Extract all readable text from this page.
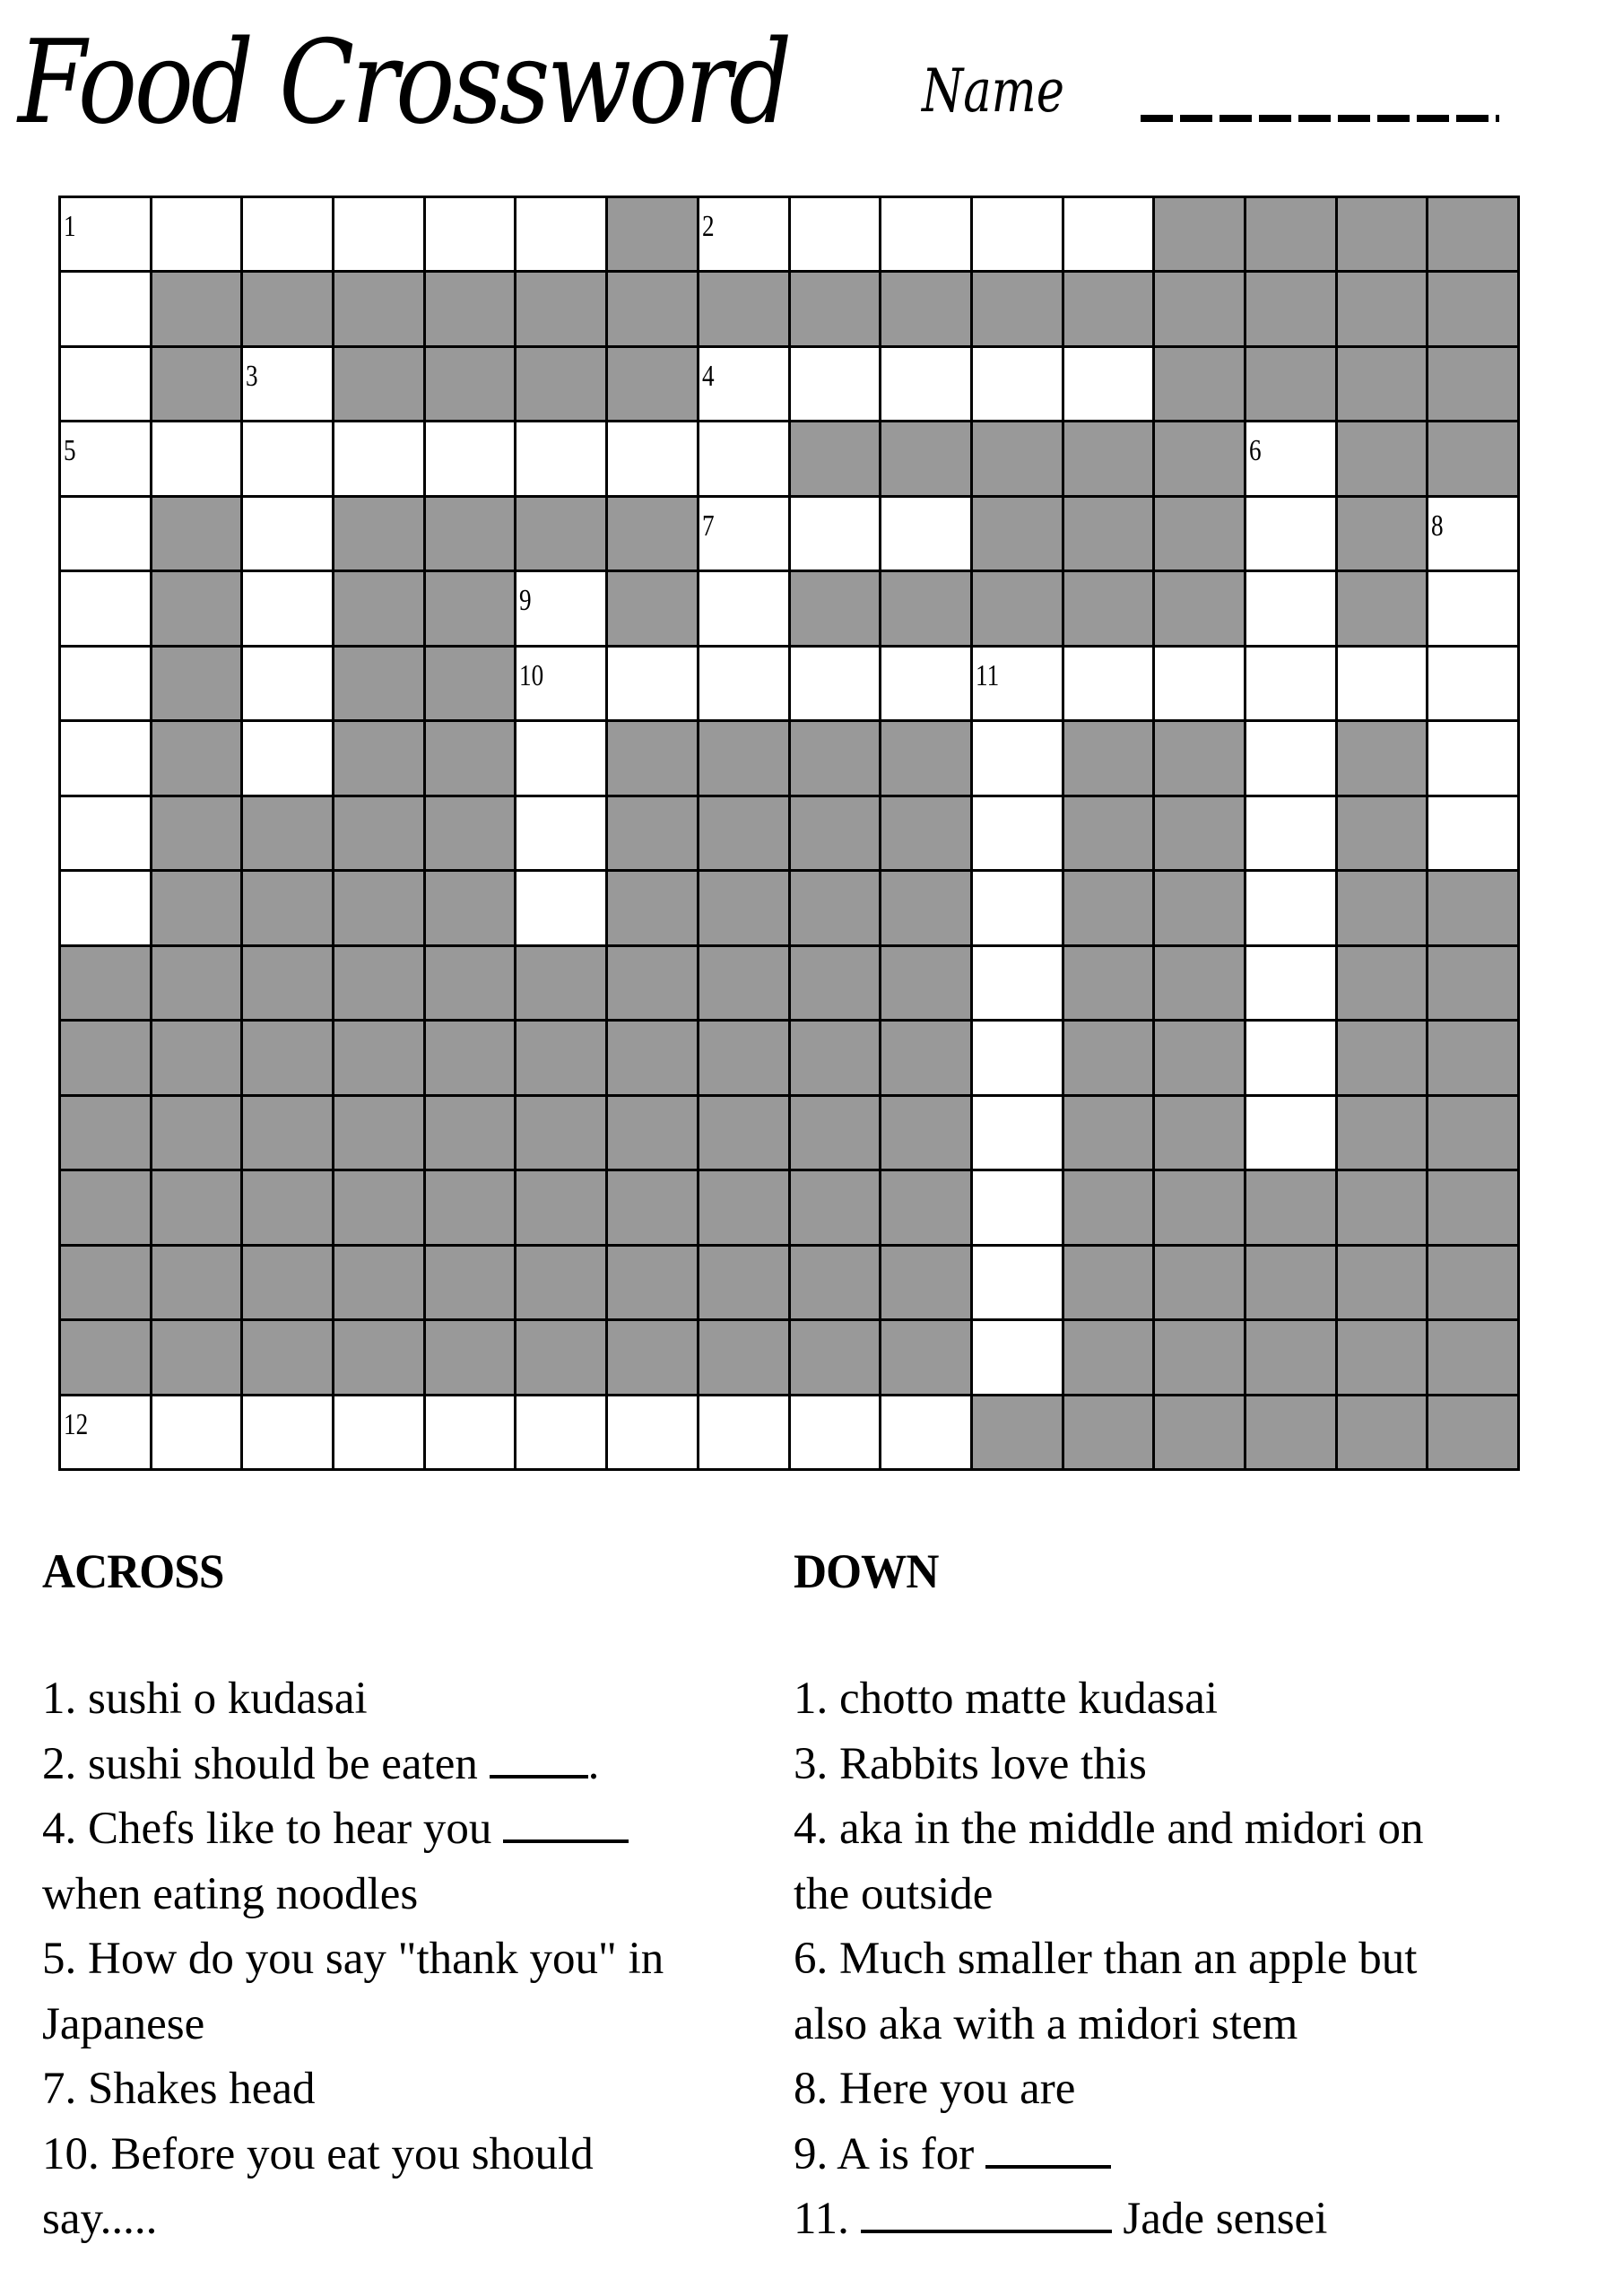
Food Crossword Name
1	2
3	4
5	6
7	8
9
10	11
12
ACROSS
1. sushi o kudasai
2. sushi should be eaten .
4. Chefs like to hear you
when eating noodles
5. How do you say "thank you" in
Japanese
7. Shakes head
10. Before you eat you should
say.....
DOWN
1. chotto matte kudasai
3. Rabbits love this
4. aka in the middle and midori on
the outside
6. Much smaller than an apple but
also aka with a midori stem
8. Here you are
9. A is for
11.	Jade sensei
